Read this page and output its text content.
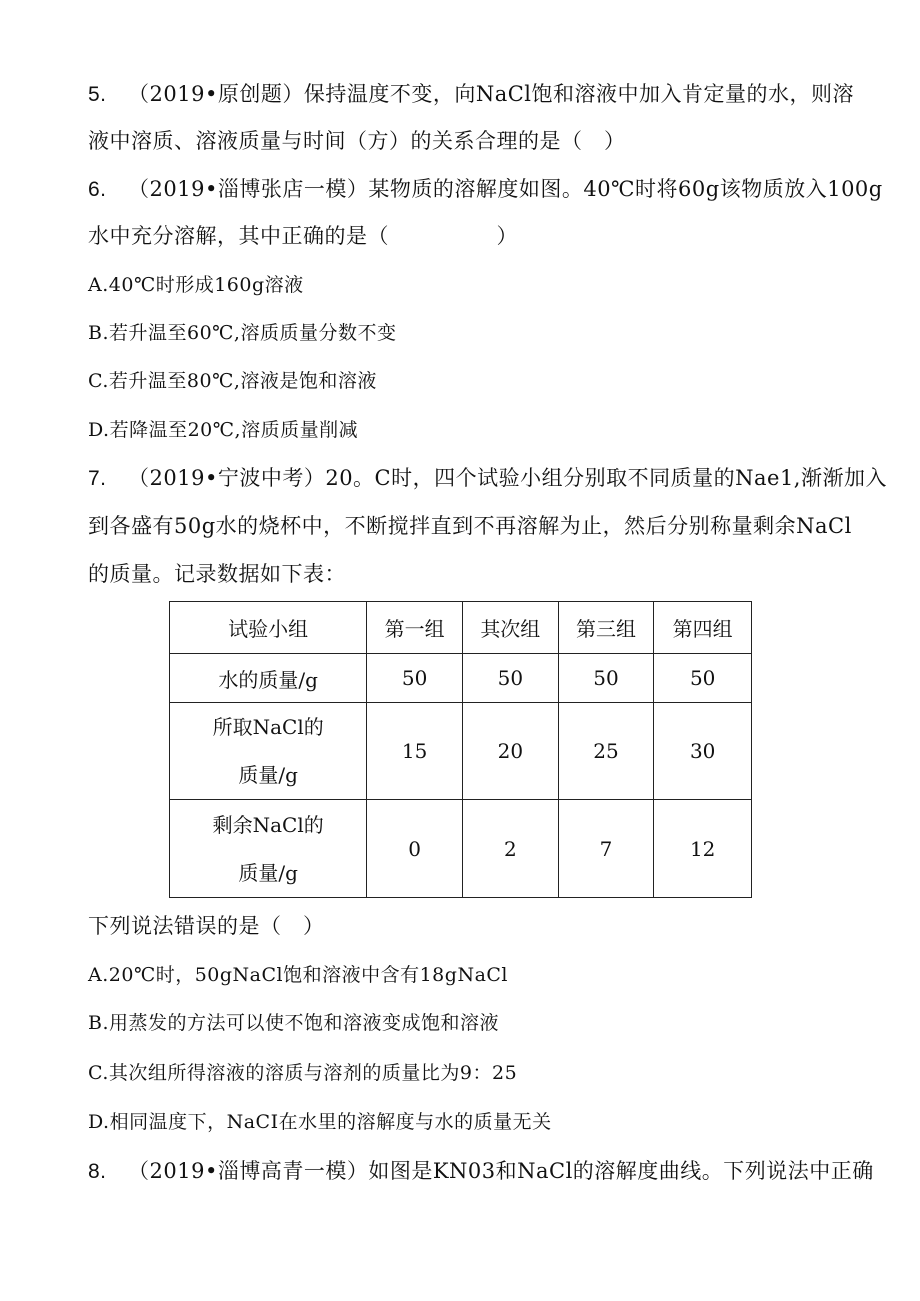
5. （2019•原创题）保持温度不变，向NaCl饱和溶液中加入肯定量的水，则溶
液中溶质、溶液质量与时间（方）的关系合理的是（　）
6. （2019•淄博张店一模）某物质的溶解度如图。40℃时将60g该物质放入100g
水中充分溶解，其中正确的是（　　　　　）
A.40℃时形成160g溶液
B.若升温至60℃,溶质质量分数不变
C.若升温至80℃,溶液是饱和溶液
D.若降温至20℃,溶质质量削减
7. （2019•宁波中考）20。C时，四个试验小组分别取不同质量的Nae1,渐渐加入
到各盛有50g水的烧杯中，不断搅拌直到不再溶解为止，然后分别称量剩余NaCl
的质量。记录数据如下表：
试验小组	第一组	其次组	第三组	第四组
水的质量/g	50	50	50	50

所取NaCl的
质量/g	15	20	25	30

剩余NaCl的
质量/g	0	2	7	12
下列说法错误的是（　）
A.20℃时，50gNaCl饱和溶液中含有18gNaCl
B.用蒸发的方法可以使不饱和溶液变成饱和溶液
C.其次组所得溶液的溶质与溶剂的质量比为9：25
D.相同温度下，NaCI在水里的溶解度与水的质量无关
8. （2019•淄博高青一模）如图是KN03和NaCl的溶解度曲线。下列说法中正确
